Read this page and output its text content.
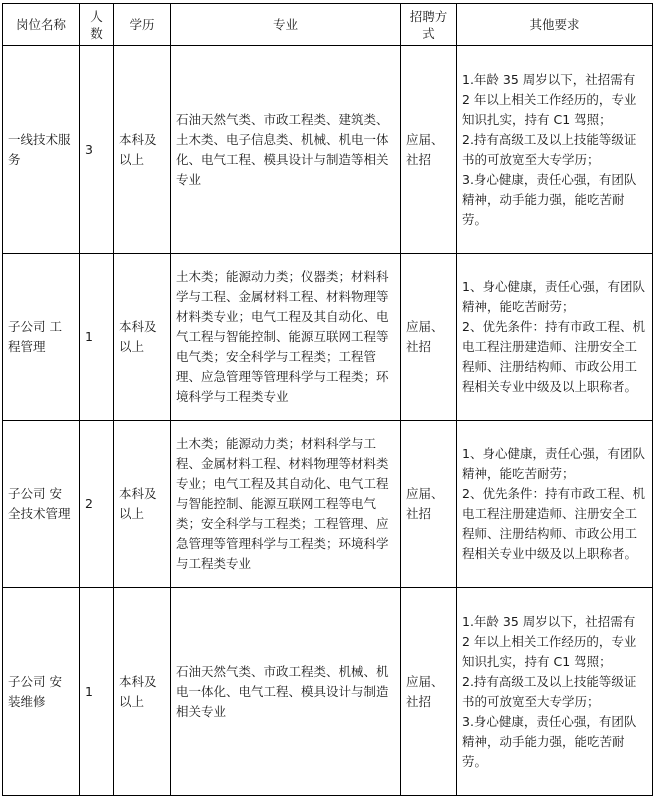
岗位名称	人数	学历	专业	招聘方式	其他要求
一线技术服务	3	本科及以上	石油天然气类、市政工程类、建筑类、土木类、电子信息类、机械、机电一体化、电气工程、模具设计与制造等相关专业	应届、社招	1.年龄 35 周岁以下，社招需有 2 年以上相关工作经历的，专业知识扎实，持有 C1 驾照；
2.持有高级工及以上技能等级证书的可放宽至大专学历；
3.身心健康，责任心强，有团队精神，动手能力强，能吃苦耐劳。

子公司 工程管理	1	本科及以上	土木类；能源动力类；仪器类；材料科学与工程、金属材料工程、材料物理等材料类专业；电气工程及其自动化、电气工程与智能控制、能源互联网工程等电气类；安全科学与工程类；工程管理、应急管理等管理科学与工程类；环境科学与工程类专业	应届、社招	1、身心健康，责任心强，有团队精神，能吃苦耐劳；
2、优先条件：持有市政工程、机电工程注册建造师、注册安全工程师、注册结构师、市政公用工程相关专业中级及以上职称者。

子公司 安全技术管理	2	本科及以上	土木类；能源动力类；材料科学与工程、金属材料工程、材料物理等材料类专业；电气工程及其自动化、电气工程与智能控制、能源互联网工程等电气类；安全科学与工程类；工程管理、应急管理等管理科学与工程类；环境科学与工程类专业	应届、社招	1、身心健康，责任心强，有团队精神，能吃苦耐劳；
2、优先条件：持有市政工程、机电工程注册建造师、注册安全工程师、注册结构师、市政公用工程相关专业中级及以上职称者。

子公司 安装维修	1	本科及以上	石油天然气类、市政工程类、机械、机电一体化、电气工程、模具设计与制造相关专业	应届、社招	1.年龄 35 周岁以下，社招需有 2 年以上相关工作经历的，专业知识扎实，持有 C1 驾照；
2.持有高级工及以上技能等级证书的可放宽至大专学历；
3.身心健康，责任心强，有团队精神，动手能力强，能吃苦耐劳。
